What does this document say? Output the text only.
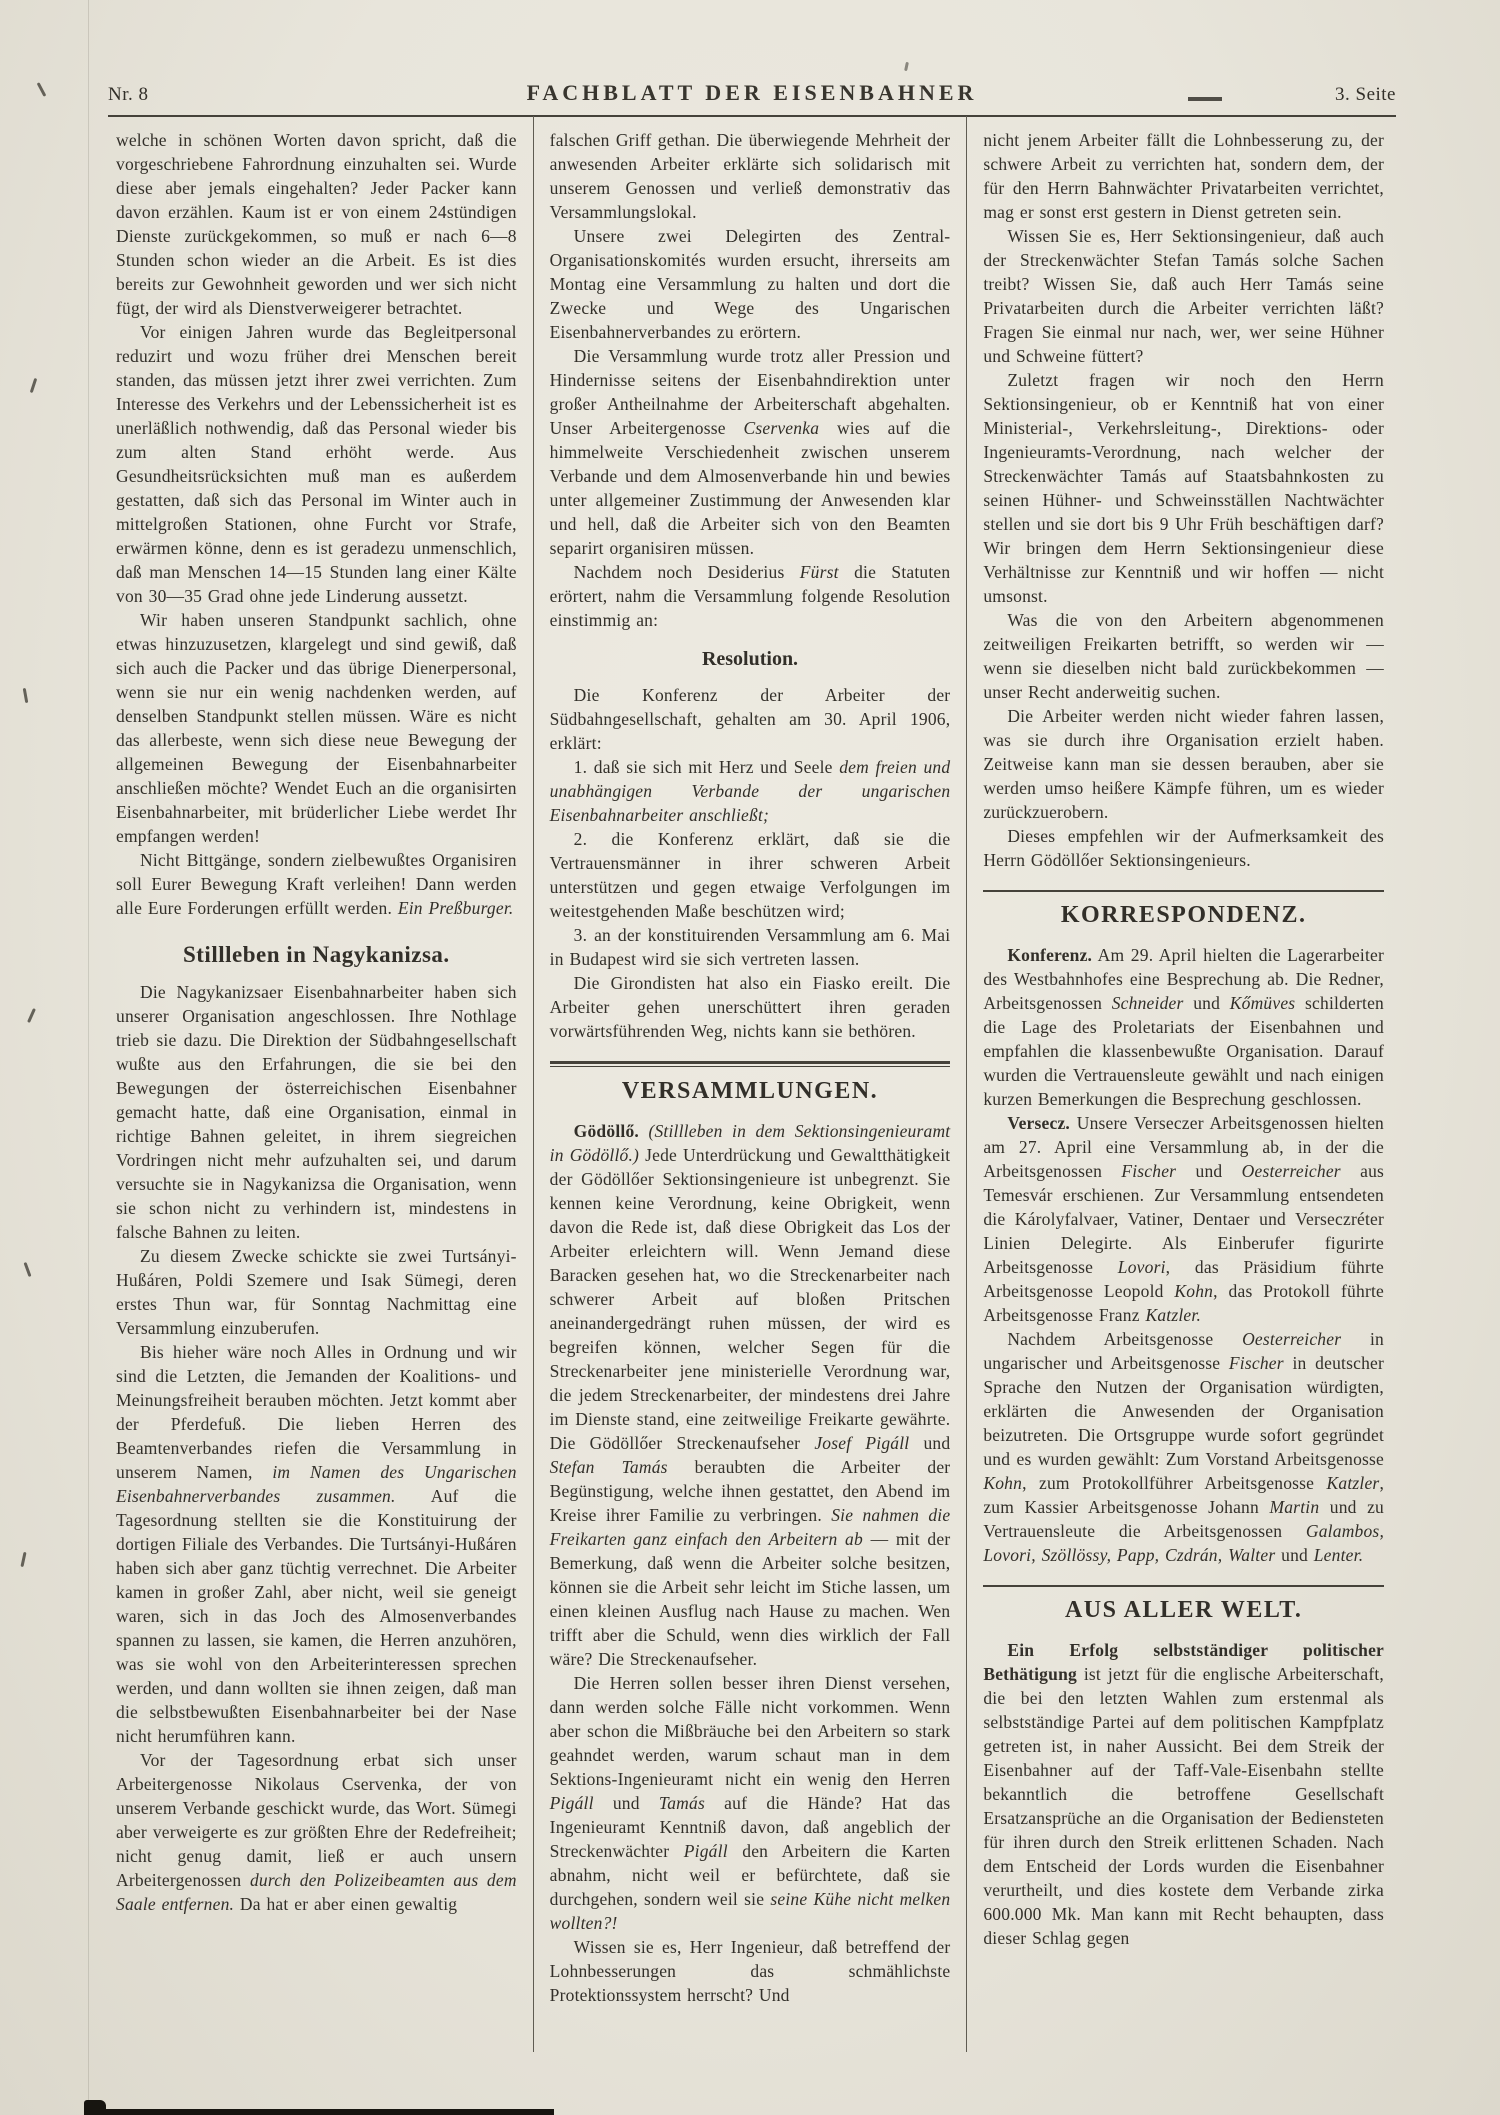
Nr. 8	FACHBLATT DER EISENBAHNER	3. Seite

welche in schönen Worten davon spricht, daß die vorgeschriebene Fahrordnung einzuhalten sei. Wurde diese aber jemals eingehalten? Jeder Packer kann davon erzählen. Kaum ist er von einem 24stündigen Dienste zurückgekommen, so muß er nach 6—8 Stunden schon wieder an die Arbeit. Es ist dies bereits zur Gewohnheit geworden und wer sich nicht fügt, der wird als Dienstverweigerer betrachtet.

Vor einigen Jahren wurde das Begleitpersonal reduzirt und wozu früher drei Menschen bereit standen, das müssen jetzt ihrer zwei verrichten. Zum Interesse des Verkehrs und der Lebenssicherheit ist es unerläßlich nothwendig, daß das Personal wieder bis zum alten Stand erhöht werde. Aus Gesundheitsrücksichten muß man es außerdem gestatten, daß sich das Personal im Winter auch in mittelgroßen Stationen, ohne Furcht vor Strafe, erwärmen könne, denn es ist geradezu unmenschlich, daß man Menschen 14—15 Stunden lang einer Kälte von 30—35 Grad ohne jede Linderung aussetzt.

Wir haben unseren Standpunkt sachlich, ohne etwas hinzuzusetzen, klargelegt und sind gewiß, daß sich auch die Packer und das übrige Dienerpersonal, wenn sie nur ein wenig nachdenken werden, auf denselben Standpunkt stellen müssen. Wäre es nicht das allerbeste, wenn sich diese neue Bewegung der allgemeinen Bewegung der Eisenbahnarbeiter anschließen möchte? Wendet Euch an die organisirten Eisenbahnarbeiter, mit brüderlicher Liebe werdet Ihr empfangen werden!

Nicht Bittgänge, sondern zielbewußtes Organisiren soll Eurer Bewegung Kraft verleihen! Dann werden alle Eure Forderungen erfüllt werden. Ein Preßburger.

Stillleben in Nagykanizsa.

Die Nagykanizsaer Eisenbahnarbeiter haben sich unserer Organisation angeschlossen. Ihre Nothlage trieb sie dazu. Die Direktion der Südbahngesellschaft wußte aus den Erfahrungen, die sie bei den Bewegungen der österreichischen Eisenbahner gemacht hatte, daß eine Organisation, einmal in richtige Bahnen geleitet, in ihrem siegreichen Vordringen nicht mehr aufzuhalten sei, und darum versuchte sie in Nagykanizsa die Organisation, wenn sie schon nicht zu verhindern ist, mindestens in falsche Bahnen zu leiten.

Zu diesem Zwecke schickte sie zwei Turtsányi-Hußáren, Poldi Szemere und Isak Sümegi, deren erstes Thun war, für Sonntag Nachmittag eine Versammlung einzuberufen.

Bis hieher wäre noch Alles in Ordnung und wir sind die Letzten, die Jemanden der Koalitions- und Meinungsfreiheit berauben möchten. Jetzt kommt aber der Pferdefuß. Die lieben Herren des Beamtenverbandes riefen die Versammlung in unserem Namen, im Namen des Ungarischen Eisenbahnerverbandes zusammen. Auf die Tagesordnung stellten sie die Konstituirung der dortigen Filiale des Verbandes. Die Turtsányi-Hußáren haben sich aber ganz tüchtig verrechnet. Die Arbeiter kamen in großer Zahl, aber nicht, weil sie geneigt waren, sich in das Joch des Almosenverbandes spannen zu lassen, sie kamen, die Herren anzuhören, was sie wohl von den Arbeiterinteressen sprechen werden, und dann wollten sie ihnen zeigen, daß man die selbstbewußten Eisenbahnarbeiter bei der Nase nicht herumführen kann.

Vor der Tagesordnung erbat sich unser Arbeitergenosse Nikolaus Cservenka, der von unserem Verbande geschickt wurde, das Wort. Sümegi aber verweigerte es zur größten Ehre der Redefreiheit; nicht genug damit, ließ er auch unsern Arbeitergenossen durch den Polizeibeamten aus dem Saale entfernen. Da hat er aber einen gewaltig

falschen Griff gethan. Die überwiegende Mehrheit der anwesenden Arbeiter erklärte sich solidarisch mit unserem Genossen und verließ demonstrativ das Versammlungslokal.

Unsere zwei Delegirten des Zentral-Organisationskomités wurden ersucht, ihrerseits am Montag eine Versammlung zu halten und dort die Zwecke und Wege des Ungarischen Eisenbahnerverbandes zu erörtern.

Die Versammlung wurde trotz aller Pression und Hindernisse seitens der Eisenbahndirektion unter großer Antheilnahme der Arbeiterschaft abgehalten. Unser Arbeitergenosse Cservenka wies auf die himmelweite Verschiedenheit zwischen unserem Verbande und dem Almosenverbande hin und bewies unter allgemeiner Zustimmung der Anwesenden klar und hell, daß die Arbeiter sich von den Beamten separirt organisiren müssen.

Nachdem noch Desiderius Fürst die Statuten erörtert, nahm die Versammlung folgende Resolution einstimmig an:

Resolution.

Die Konferenz der Arbeiter der Südbahngesellschaft, gehalten am 30. April 1906, erklärt:

1. daß sie sich mit Herz und Seele dem freien und unabhängigen Verbande der ungarischen Eisenbahnarbeiter anschließt;

2. die Konferenz erklärt, daß sie die Vertrauensmänner in ihrer schweren Arbeit unterstützen und gegen etwaige Verfolgungen im weitestgehenden Maße beschützen wird;

3. an der konstituirenden Versammlung am 6. Mai in Budapest wird sie sich vertreten lassen.

Die Girondisten hat also ein Fiasko ereilt. Die Arbeiter gehen unerschüttert ihren geraden vorwärtsführenden Weg, nichts kann sie bethören.

VERSAMMLUNGEN.

Gödöllő. (Stillleben in dem Sektionsingenieuramt in Gödöllő.) Jede Unterdrückung und Gewaltthätigkeit der Gödöllőer Sektionsingenieure ist unbegrenzt. Sie kennen keine Verordnung, keine Obrigkeit, wenn davon die Rede ist, daß diese Obrigkeit das Los der Arbeiter erleichtern will. Wenn Jemand diese Baracken gesehen hat, wo die Streckenarbeiter nach schwerer Arbeit auf bloßen Pritschen aneinandergedrängt ruhen müssen, der wird es begreifen können, welcher Segen für die Streckenarbeiter jene ministerielle Verordnung war, die jedem Streckenarbeiter, der mindestens drei Jahre im Dienste stand, eine zeitweilige Freikarte gewährte. Die Gödöllőer Streckenaufseher Josef Pigáll und Stefan Tamás beraubten die Arbeiter der Begünstigung, welche ihnen gestattet, den Abend im Kreise ihrer Familie zu verbringen. Sie nahmen die Freikarten ganz einfach den Arbeitern ab — mit der Bemerkung, daß wenn die Arbeiter solche besitzen, können sie die Arbeit sehr leicht im Stiche lassen, um einen kleinen Ausflug nach Hause zu machen. Wen trifft aber die Schuld, wenn dies wirklich der Fall wäre? Die Streckenaufseher.

Die Herren sollen besser ihren Dienst versehen, dann werden solche Fälle nicht vorkommen. Wenn aber schon die Mißbräuche bei den Arbeitern so stark geahndet werden, warum schaut man in dem Sektions-Ingenieuramt nicht ein wenig den Herren Pigáll und Tamás auf die Hände? Hat das Ingenieuramt Kenntniß davon, daß angeblich der Streckenwächter Pigáll den Arbeitern die Karten abnahm, nicht weil er befürchtete, daß sie durchgehen, sondern weil sie seine Kühe nicht melken wollten?!

Wissen sie es, Herr Ingenieur, daß betreffend der Lohnbesserungen das schmählichste Protektionssystem herrscht? Und

nicht jenem Arbeiter fällt die Lohnbesserung zu, der schwere Arbeit zu verrichten hat, sondern dem, der für den Herrn Bahnwächter Privatarbeiten verrichtet, mag er sonst erst gestern in Dienst getreten sein.

Wissen Sie es, Herr Sektionsingenieur, daß auch der Streckenwächter Stefan Tamás solche Sachen treibt? Wissen Sie, daß auch Herr Tamás seine Privatarbeiten durch die Arbeiter verrichten läßt? Fragen Sie einmal nur nach, wer, wer seine Hühner und Schweine füttert?

Zuletzt fragen wir noch den Herrn Sektionsingenieur, ob er Kenntniß hat von einer Ministerial-, Verkehrsleitung-, Direktions- oder Ingenieuramts-Verordnung, nach welcher der Streckenwächter Tamás auf Staatsbahnkosten zu seinen Hühner- und Schweinsställen Nachtwächter stellen und sie dort bis 9 Uhr Früh beschäftigen darf? Wir bringen dem Herrn Sektionsingenieur diese Verhältnisse zur Kenntniß und wir hoffen — nicht umsonst.

Was die von den Arbeitern abgenommenen zeitweiligen Freikarten betrifft, so werden wir — wenn sie dieselben nicht bald zurückbekommen — unser Recht anderweitig suchen.

Die Arbeiter werden nicht wieder fahren lassen, was sie durch ihre Organisation erzielt haben. Zeitweise kann man sie dessen berauben, aber sie werden umso heißere Kämpfe führen, um es wieder zurückzuerobern.

Dieses empfehlen wir der Aufmerksamkeit des Herrn Gödöllőer Sektionsingenieurs.

KORRESPONDENZ.

Konferenz. Am 29. April hielten die Lagerarbeiter des Westbahnhofes eine Besprechung ab. Die Redner, Arbeitsgenossen Schneider und Kőmüves schilderten die Lage des Proletariats der Eisenbahnen und empfahlen die klassenbewußte Organisation. Darauf wurden die Vertrauensleute gewählt und nach einigen kurzen Bemerkungen die Besprechung geschlossen.

Versecz. Unsere Verseczer Arbeitsgenossen hielten am 27. April eine Versammlung ab, in der die Arbeitsgenossen Fischer und Oesterreicher aus Temesvár erschienen. Zur Versammlung entsendeten die Károlyfalvaer, Vatiner, Dentaer und Verseczréter Linien Delegirte. Als Einberufer figurirte Arbeitsgenosse Lovori, das Präsidium führte Arbeitsgenosse Leopold Kohn, das Protokoll führte Arbeitsgenosse Franz Katzler.

Nachdem Arbeitsgenosse Oesterreicher in ungarischer und Arbeitsgenosse Fischer in deutscher Sprache den Nutzen der Organisation würdigten, erklärten die Anwesenden der Organisation beizutreten. Die Ortsgruppe wurde sofort gegründet und es wurden gewählt: Zum Vorstand Arbeitsgenosse Kohn, zum Protokollführer Arbeitsgenosse Katzler, zum Kassier Arbeitsgenosse Johann Martin und zu Vertrauensleute die Arbeitsgenossen Galambos, Lovori, Szöllössy, Papp, Czdrán, Walter und Lenter.

AUS ALLER WELT.

Ein Erfolg selbstständiger politischer Bethätigung ist jetzt für die englische Arbeiterschaft, die bei den letzten Wahlen zum erstenmal als selbstständige Partei auf dem politischen Kampfplatz getreten ist, in naher Aussicht. Bei dem Streik der Eisenbahner auf der Taff-Vale-Eisenbahn stellte bekanntlich die betroffene Gesellschaft Ersatzansprüche an die Organisation der Bediensteten für ihren durch den Streik erlittenen Schaden. Nach dem Entscheid der Lords wurden die Eisenbahner verurtheilt, und dies kostete dem Verbande zirka 600.000 Mk. Man kann mit Recht behaupten, dass dieser Schlag gegen
